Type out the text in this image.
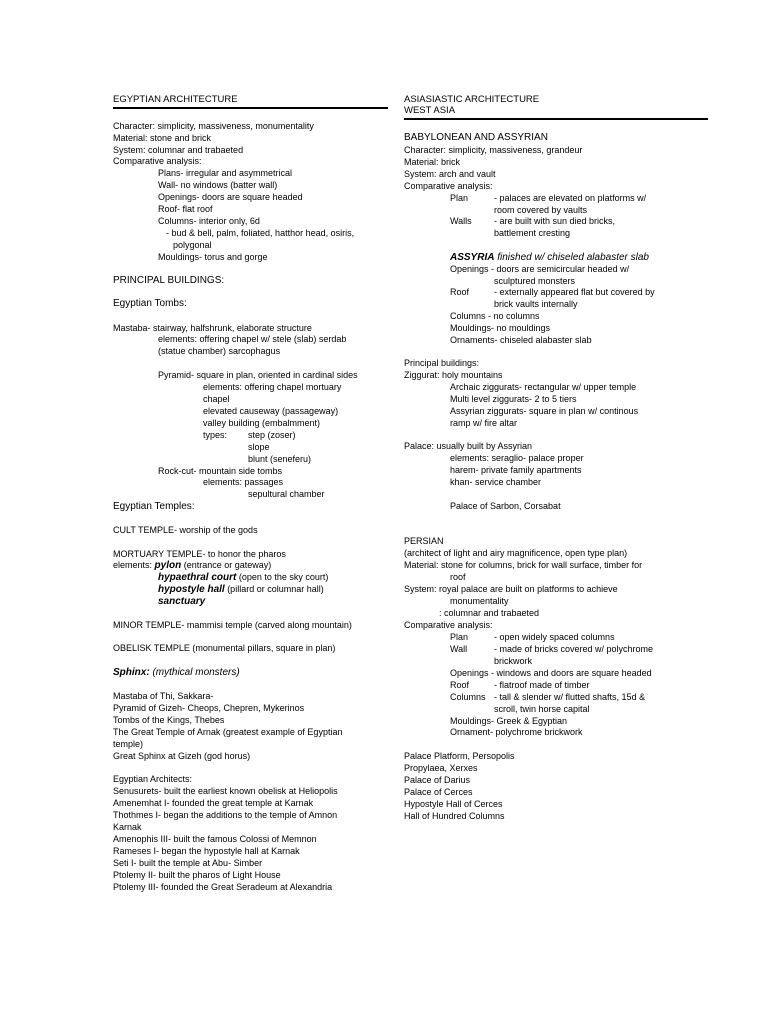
EGYPTIAN ARCHITECTURE
Character: simplicity, massiveness, monumentality
Material: stone and brick
System: columnar and trabaeted
Comparative analysis:
Plans- irregular and asymmetrical
Wall- no windows (batter wall)
Openings- doors are square headed
Roof- flat roof
Columns- interior only, 6d
- bud & bell, palm, foliated, hatthor head, osiris,
polygonal
Mouldings- torus and gorge
PRINCIPAL BUILDINGS:
Egyptian Tombs:
Mastaba- stairway, halfshrunk, elaborate structure
elements: offering chapel w/ stele (slab) serdab
(statue chamber) sarcophagus
Pyramid- square in plan, oriented in cardinal sides
elements: offering chapel mortuary
chapel
elevated causeway (passageway)
valley building (embalmment)
types: step (zoser)
slope
blunt (seneferu)
Rock-cut- mountain side tombs
elements: passages
sepultural chamber
Egyptian Temples:
CULT TEMPLE- worship of the gods
MORTUARY TEMPLE- to honor the pharos
elements: pylon (entrance or gateway)
hypaethral court (open to the sky court)
hypostyle hall (pillard or columnar hall)
sanctuary
MINOR TEMPLE- mammisi temple (carved along mountain)
OBELISK TEMPLE (monumental pillars, square in plan)
Sphinx: (mythical monsters)
Mastaba of Thi, Sakkara-
Pyramid of Gizeh- Cheops, Chepren, Mykerinos
Tombs of the Kings, Thebes
The Great Temple of Arnak (greatest example of Egyptian
temple)
Great Sphinx at Gizeh (god horus)
Egyptian Architects:
Senusurets- built the earliest known obelisk at Heliopolis
Amenemhat I- founded the great temple at Karnak
Thothmes I- began the additions to the temple of Amnon
Karnak
Amenophis III- built the famous Colossi of Memnon
Rameses I- began the hypostyle hall at Karnak
Seti I- built the temple at Abu- Simber
Ptolemy II- built the pharos of Light House
Ptolemy III- founded the Great Seradeum at Alexandria
ASIASIASTIC ARCHITECTURE
WEST ASIA
BABYLONEAN AND ASSYRIAN
Character: simplicity, massiveness, grandeur
Material: brick
System: arch and vault
Comparative analysis:
Plan	- palaces are elevated on platforms w/
room covered by vaults
Walls - are built with sun died bricks,
battlement cresting
ASSYRIA finished w/ chiseled alabaster slab
Openings - doors are semicircular headed w/
sculptured monsters
Roof	- externally appeared flat but covered by
brick vaults internally
Columns - no columns
Mouldings- no mouldings
Ornaments- chiseled alabaster slab
Principal buildings:
Ziggurat: holy mountains
Archaic ziggurats- rectangular w/ upper temple
Multi level ziggurats- 2 to 5 tiers
Assyrian ziggurats- square in plan w/ continous
ramp w/ fire altar
Palace: usually built by Assyrian
elements: seraglio- palace proper
harem- private family apartments
khan- service chamber
Palace of Sarbon, Corsabat
PERSIAN
(architect of light and airy magnificence, open type plan)
Material: stone for columns, brick for wall surface, timber for
roof
System: royal palace are built on platforms to achieve
monumentality
: columnar and trabaeted
Comparative analysis:
Plan	- open widely spaced columns
Wall	- made of bricks covered w/ polychrome
brickwork
Openings - windows and doors are square headed
Roof	- flatroof made of timber
Columns - tall & slender w/ flutted shafts, 15d &
scroll, twin horse capital
Mouldings- Greek & Egyptian
Ornament- polychrome brickwork
Palace Platform, Persopolis
Propylaea, Xerxes
Palace of Darius
Palace of Cerces
Hypostyle Hall of Cerces
Hall of Hundred Columns
